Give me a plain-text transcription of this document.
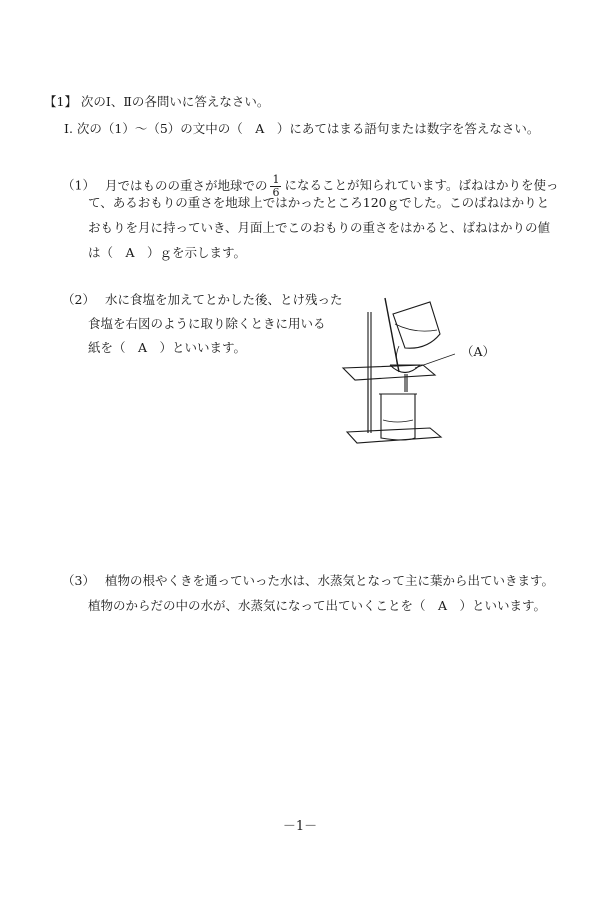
【1】 次のⅠ、Ⅱの各問いに答えなさい。
Ⅰ. 次の（1）～（5）の文中の（　A　）にあてはまる語句または数字を答えなさい。
（1） 月ではものの重さが地球での $\frac{1}{6}$ になることが知られています。ばねはかりを使っ
て、あるおもりの重さを地球上ではかったところ120ｇでした。このばねはかりと
おもりを月に持っていき、月面上でこのおもりの重さをはかると、ばねはかりの値
は（　A　）ｇを示します。
（2） 水に食塩を加えてとかした後、とけ残った
食塩を右図のように取り除くときに用いる
紙を（　A　）といいます。	（A）
（3） 植物の根やくきを通っていった水は、水蒸気となって主に葉から出ていきます。
植物のからだの中の水が、水蒸気になって出ていくことを（　A　）といいます。
－1－
